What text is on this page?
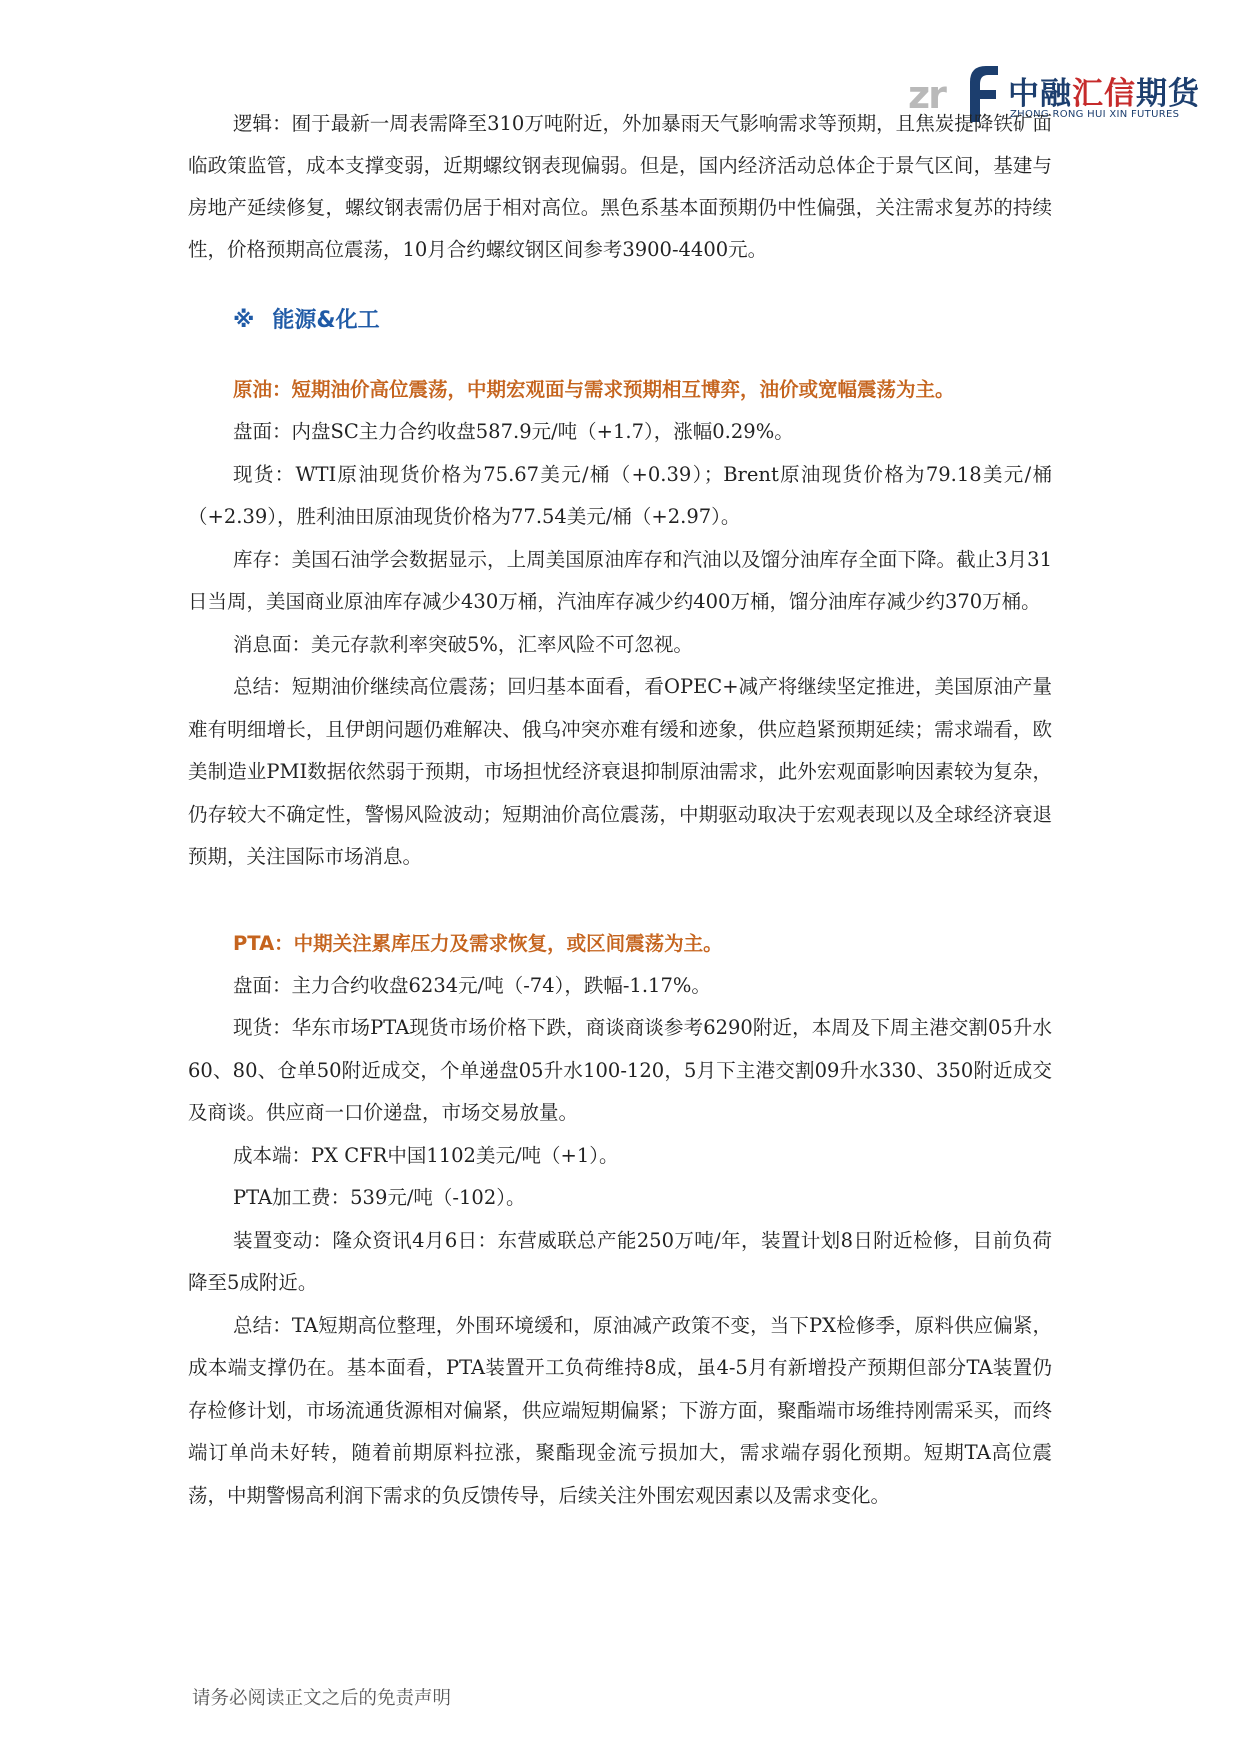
zr 中融汇信期货
ZHONG RONG HUI XIN FUTURES

逻辑：囿于最新一周表需降至310万吨附近，外加暴雨天气影响需求等预期，且焦炭提降铁矿面临政策监管，成本支撑变弱，近期螺纹钢表现偏弱。但是，国内经济活动总体企于景气区间，基建与房地产延续修复，螺纹钢表需仍居于相对高位。黑色系基本面预期仍中性偏强，关注需求复苏的持续性，价格预期高位震荡，10月合约螺纹钢区间参考3900-4400元。

※ 能源&化工

原油：短期油价高位震荡，中期宏观面与需求预期相互博弈，油价或宽幅震荡为主。

盘面：内盘SC主力合约收盘587.9元/吨（+1.7），涨幅0.29%。

现货：WTI原油现货价格为75.67美元/桶（+0.39）；Brent原油现货价格为79.18美元/桶（+2.39），胜利油田原油现货价格为77.54美元/桶（+2.97）。

库存：美国石油学会数据显示，上周美国原油库存和汽油以及馏分油库存全面下降。截止3月31日当周，美国商业原油库存减少430万桶，汽油库存减少约400万桶，馏分油库存减少约370万桶。

消息面：美元存款利率突破5%，汇率风险不可忽视。

总结：短期油价继续高位震荡；回归基本面看，看OPEC+减产将继续坚定推进，美国原油产量难有明细增长，且伊朗问题仍难解决、俄乌冲突亦难有缓和迹象，供应趋紧预期延续；需求端看，欧美制造业PMI数据依然弱于预期，市场担忧经济衰退抑制原油需求，此外宏观面影响因素较为复杂，仍存较大不确定性，警惕风险波动；短期油价高位震荡，中期驱动取决于宏观表现以及全球经济衰退预期，关注国际市场消息。

PTA：中期关注累库压力及需求恢复，或区间震荡为主。

盘面：主力合约收盘6234元/吨（-74），跌幅-1.17%。

现货：华东市场PTA现货市场价格下跌，商谈商谈参考6290附近，本周及下周主港交割05升水60、80、仓单50附近成交，个单递盘05升水100-120，5月下主港交割09升水330、350附近成交及商谈。供应商一口价递盘，市场交易放量。

成本端：PX CFR中国1102美元/吨（+1）。

PTA加工费：539元/吨（-102）。

装置变动：隆众资讯4月6日：东营威联总产能250万吨/年，装置计划8日附近检修，目前负荷降至5成附近。

总结：TA短期高位整理，外围环境缓和，原油减产政策不变，当下PX检修季，原料供应偏紧，成本端支撑仍在。基本面看，PTA装置开工负荷维持8成，虽4-5月有新增投产预期但部分TA装置仍存检修计划，市场流通货源相对偏紧，供应端短期偏紧；下游方面，聚酯端市场维持刚需采买，而终端订单尚未好转，随着前期原料拉涨，聚酯现金流亏损加大，需求端存弱化预期。短期TA高位震荡，中期警惕高利润下需求的负反馈传导，后续关注外围宏观因素以及需求变化。

请务必阅读正文之后的免责声明
